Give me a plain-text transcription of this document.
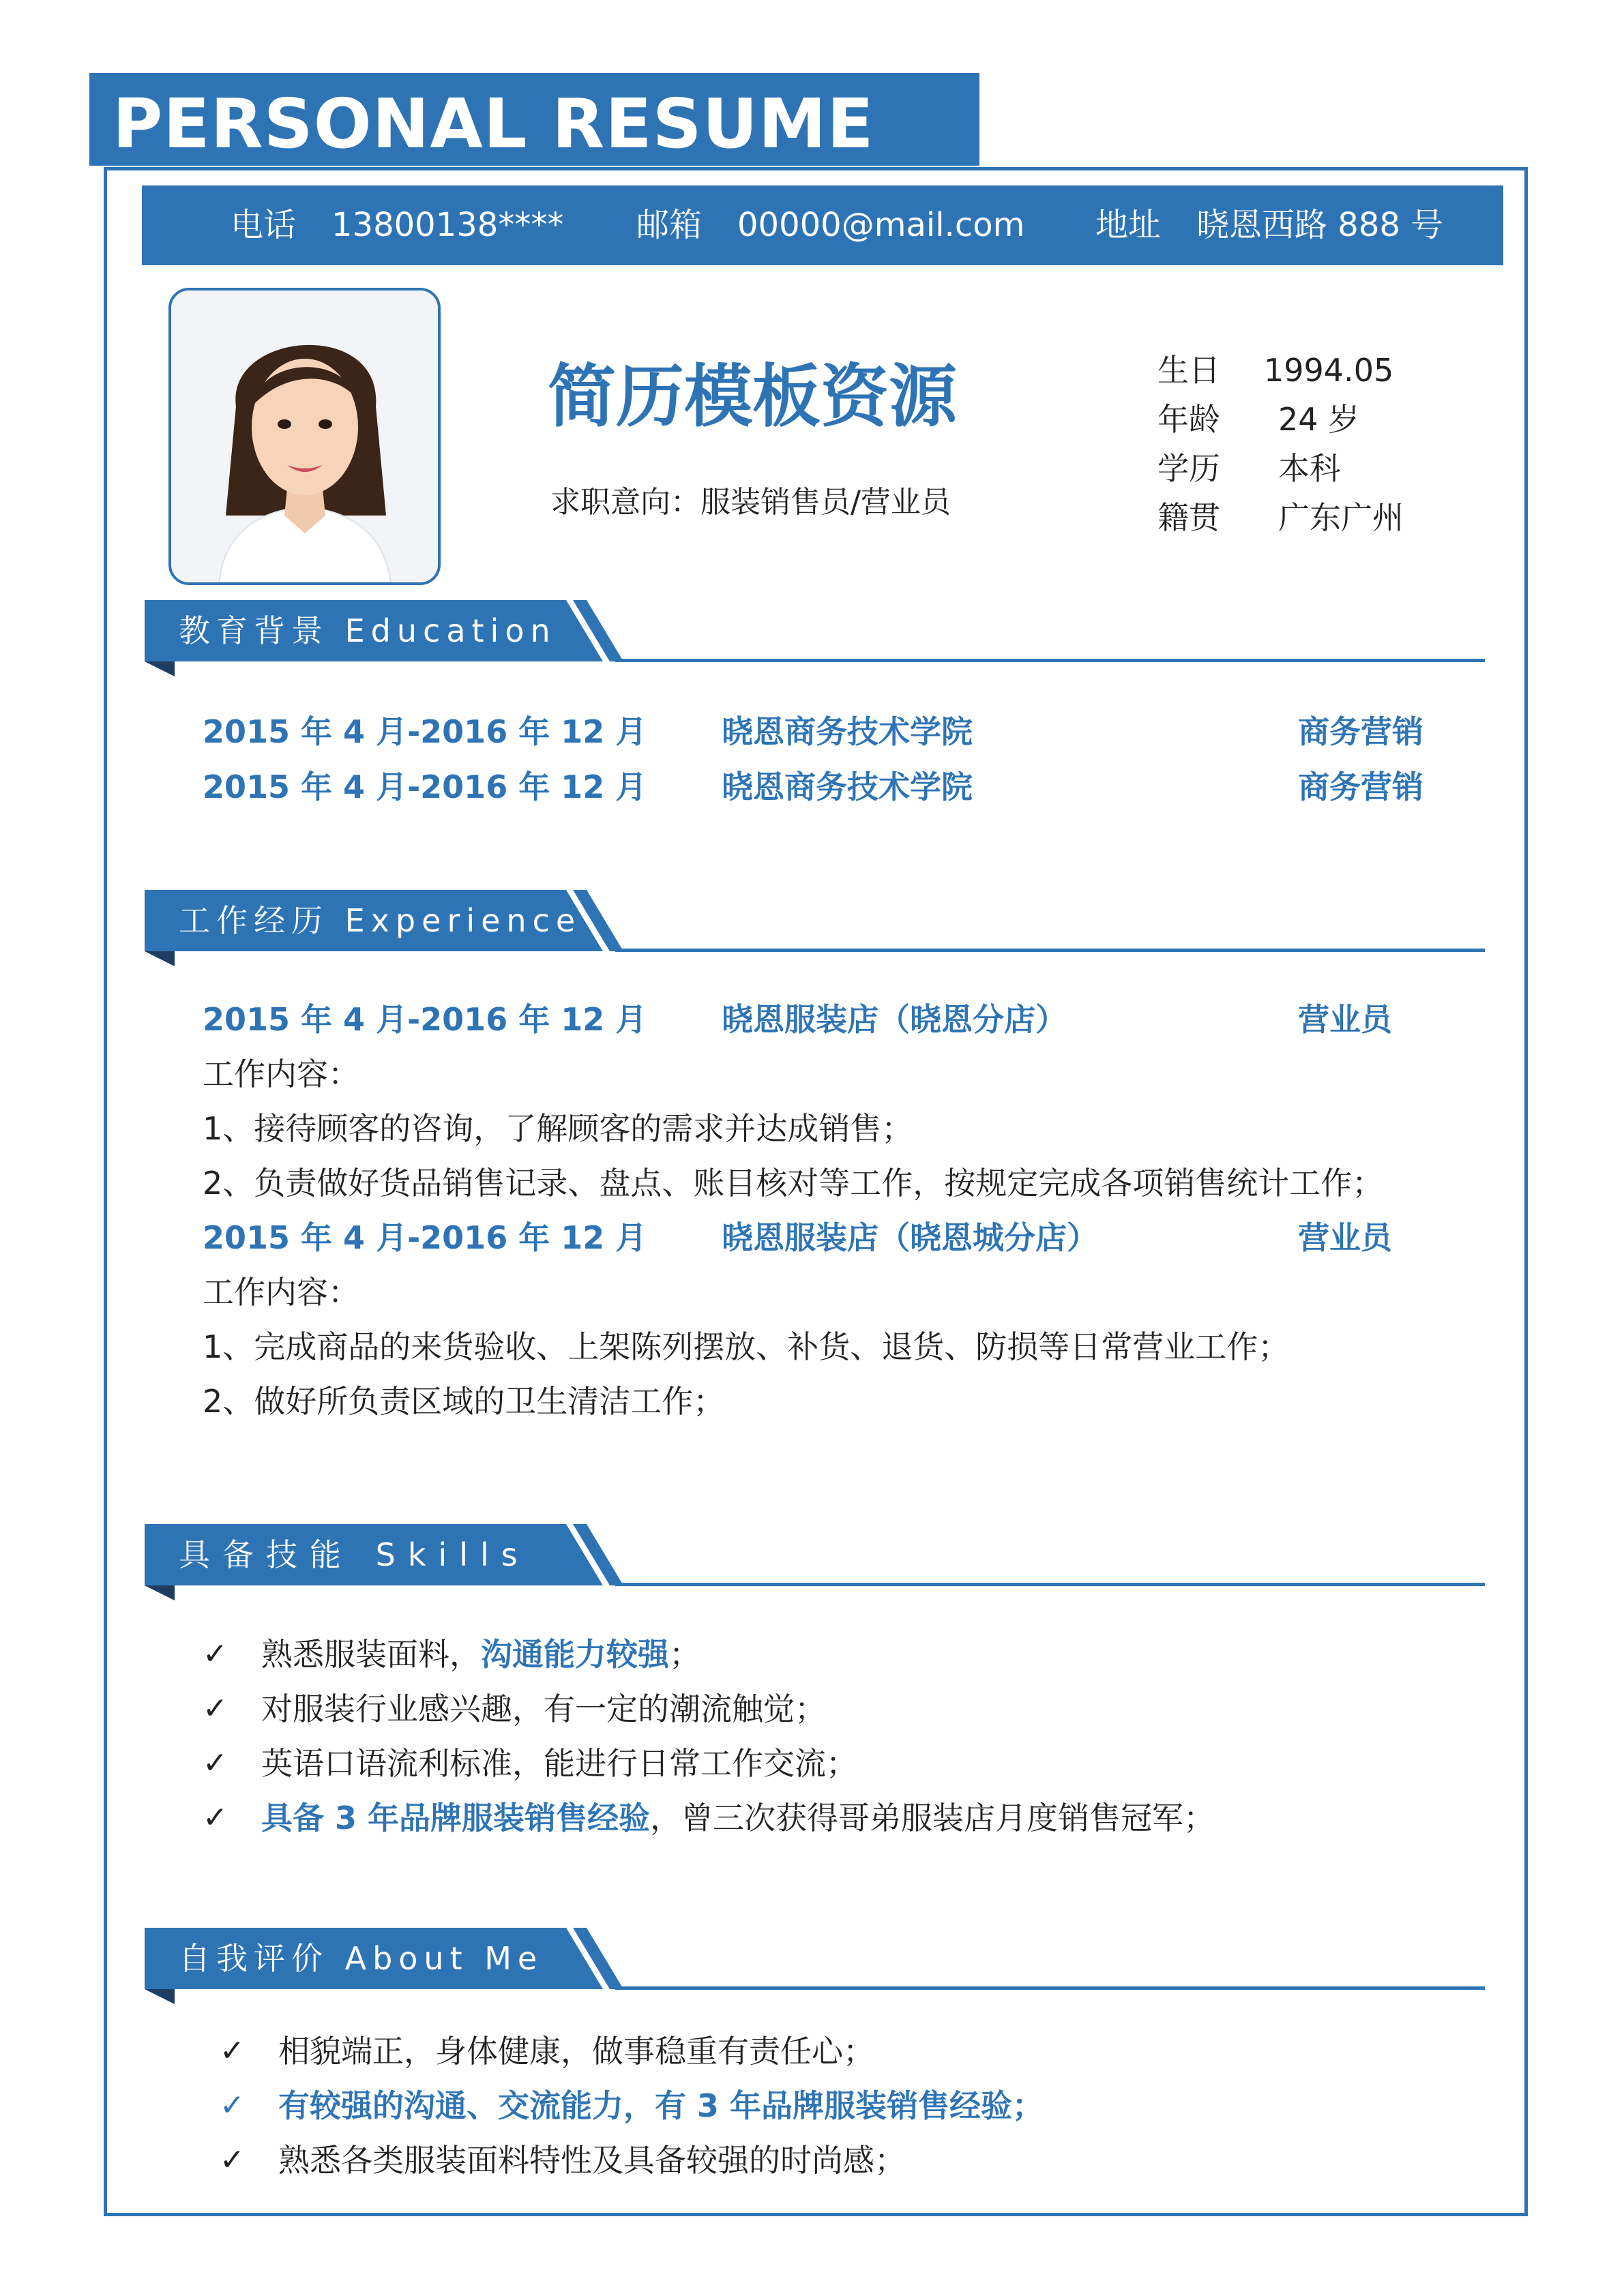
PERSONAL RESUME
电话 13800138**** 邮箱 00000@mail.com 地址 晓恩西路 888 号
简历模板资源
求职意向：服装销售员/营业员
生日 1994.05
年龄 24 岁
学历 本科
籍贯 广东广州
教育背景 Education
2015 年 4 月-2016 年 12 月 晓恩商务技术学院	商务营销
2015 年 4 月-2016 年 12 月 晓恩商务技术学院	商务营销
工作经历 Experience
2015 年 4 月-2016 年 12 月 晓恩服装店（晓恩分店）	营业员
工作内容：
1、接待顾客的咨询，了解顾客的需求并达成销售；
2、负责做好货品销售记录、盘点、账目核对等工作，按规定完成各项销售统计工作；
2015 年 4 月-2016 年 12 月 晓恩服装店（晓恩城分店）	营业员
工作内容：
1、完成商品的来货验收、上架陈列摆放、补货、退货、防损等日常营业工作；
2、做好所负责区域的卫生清洁工作；
具备技能 Skills
✓ 熟悉服装面料，沟通能力较强；
✓ 对服装行业感兴趣，有一定的潮流触觉；
✓ 英语口语流利标准，能进行日常工作交流；
✓ 具备 3 年品牌服装销售经验，曾三次获得哥弟服装店月度销售冠军；
自我评价 About Me
✓ 相貌端正，身体健康，做事稳重有责任心；
✓ 有较强的沟通、交流能力，有 3 年品牌服装销售经验；
✓ 熟悉各类服装面料特性及具备较强的时尚感；
